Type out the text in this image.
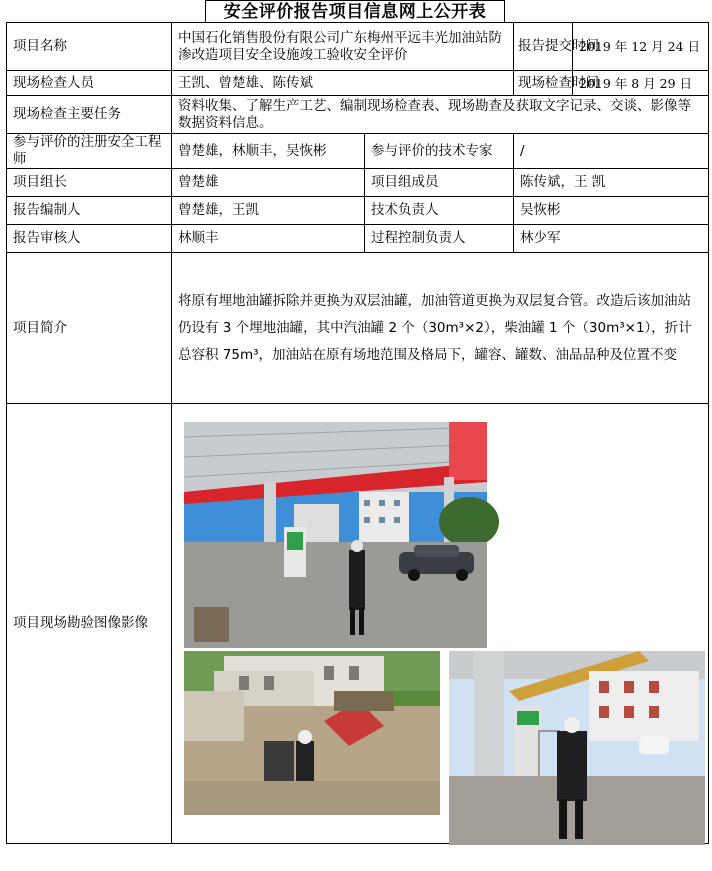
安全评价报告项目信息网上公开表
项目名称	中国石化销售股份有限公司广东梅州平远丰光加油站防渗改造项目安全设施竣工验收安全评价		报告提交时间	2019 年 12 月 24 日
现场检查人员	王凯、曾楚雄、陈传斌		现场检查时间	2019 年 8 月 29 日
现场检查主要任务	资料收集、了解生产工艺、编制现场检查表、现场勘查及获取文字记录、交谈、影像等数据资料信息。			
参与评价的注册安全工程师	曾楚雄，林顺丰，吴恢彬	参与评价的技术专家	/	
项目组长	曾楚雄	项目组成员	陈传斌，王 凯	
报告编制人	曾楚雄，王凯	技术负责人	吴恢彬	
报告审核人	林顺丰	过程控制负责人	林少军	
项目简介	将原有埋地油罐拆除并更换为双层油罐，加油管道更换为双层复合管。改造后该加油站仍设有 3 个埋地油罐，其中汽油罐 2 个（30m³×2），柴油罐 1 个（30m³×1），折计总容积 75m³，加油站在原有场地范围及格局下，罐容、罐数、油品品种及位置不变			
项目现场勘验图像影像				
